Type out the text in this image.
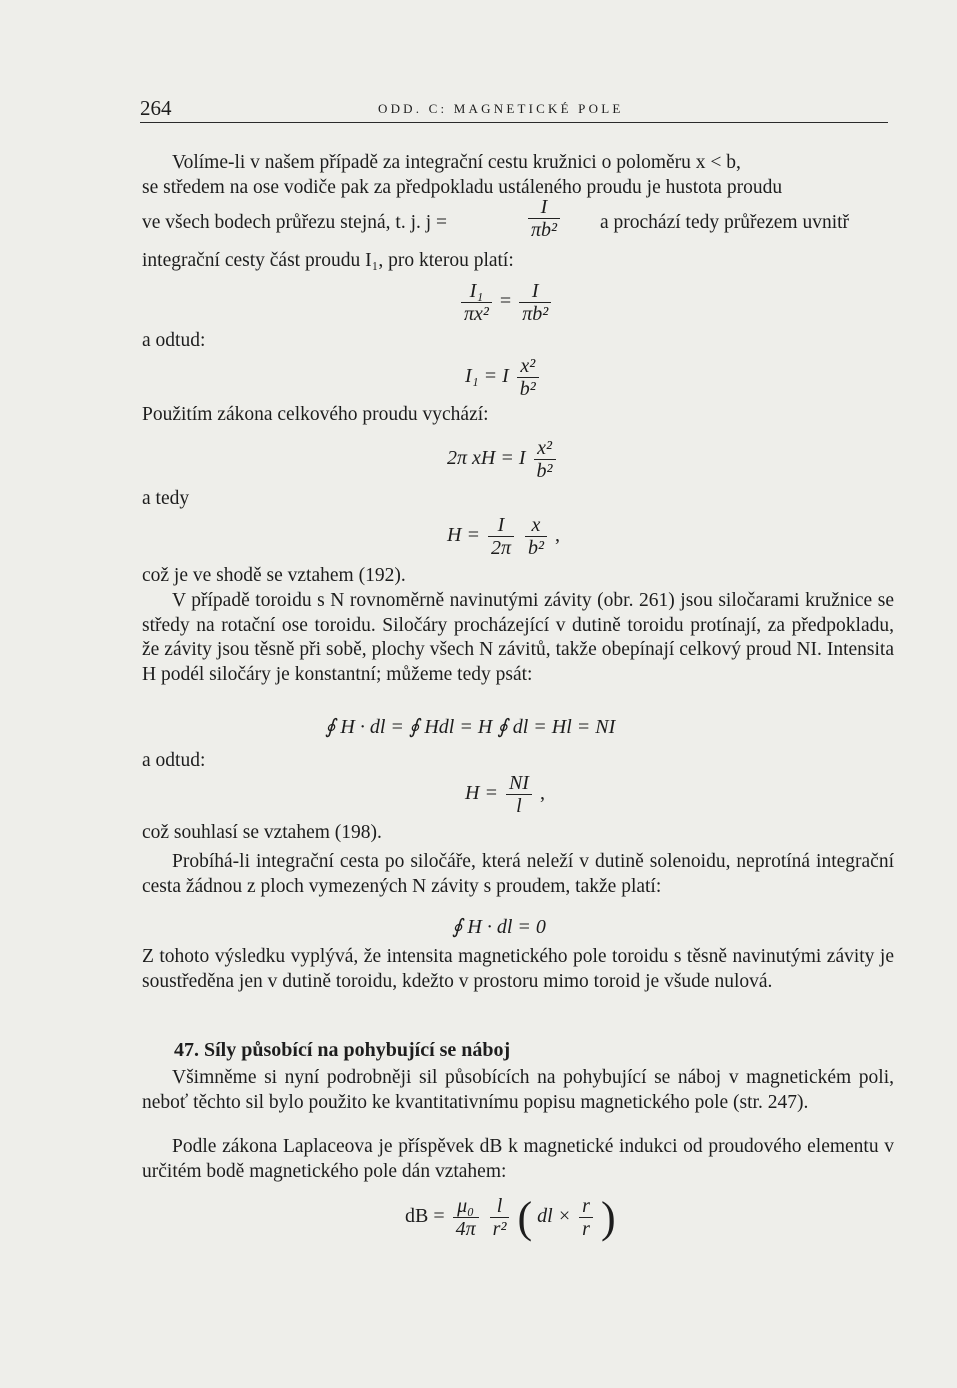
264	ODD. C: MAGNETICKÉ POLE
Volíme-li v našem případě za integrační cestu kružnici o poloměru x < b,
se středem na ose vodiče pak za předpokladu ustáleného proudu je hustota proudu
ve všech bodech průřezu stejná, t. j. j =	$\frac{I}{\text{πb²}}$ a prochází tedy průřezem uvnitř
integrační cesty část proudu I₁, pro kterou platí:
$\frac{\text{I₁}}{\text{πx²}} = \frac{I}{\text{πb²}}$
a odtud:
I₁ = I $\frac{\text{x²}}{\text{b²}}$
Použitím zákona celkového proudu vychází:
2π xH = I $\frac{\text{x²}}{\text{b²}}$
a tedy
$H = \frac{I}{2\pi}$
$\frac{x}{\text{b²}}$ ,
což je ve shodě se vztahem (192).
V případě toroidu s N rovnoměrně navinutými závity (obr. 261) jsou siločarami kružnice se středy na rotační ose toroidu. Siločáry procházející v dutině toroidu protínají, za předpokladu, že závity jsou těsně při sobě, plochy všech N závitů, takže obepínají celkový proud NI. Intensita H podél siločáry je konstantní; můžeme tedy psát:
∮ H · dl = ∮ Hdl = H ∮ dl = Hl = NI
a odtud:
$H = \frac{NI}{l}$ ,
což souhlasí se vztahem (198).
Probíhá-li integrační cesta po siločáře, která neleží v dutině solenoidu, neprotíná integrační cesta žádnou z ploch vymezených N závity s proudem, takže platí:
∮ H · dl = 0
Z tohoto výsledku vyplývá, že intensita magnetického pole toroidu s těsně navinutými závity je soustředěna jen v dutině toroidu, kdežto v prostoru mimo toroid je všude nulová.
47. Síly působící na pohybující se náboj
Všimněme si nyní podrobněji sil působících na pohybující se náboj v magnetickém poli, neboť těchto sil bylo použito ke kvantitativnímu popisu magnetického pole (str. 247).
Podle zákona Laplaceova je příspěvek dB k magnetické indukci od proudového elementu v určitém bodě magnetického pole dán vztahem:
dB = $\frac{\text{μ₀}}{4\pi}$
$\frac{l}{\text{r²}}$ ( dl × $\frac{r}{r}$ )
